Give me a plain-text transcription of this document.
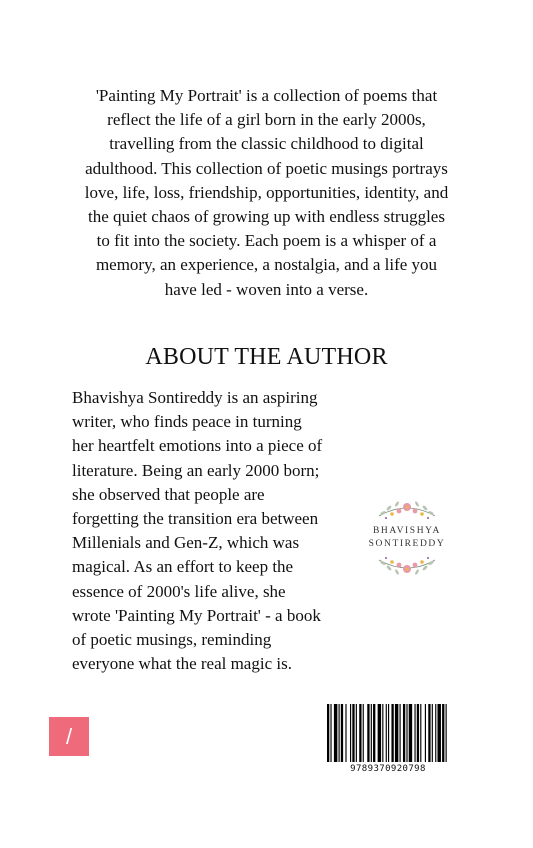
'Painting My Portrait' is a collection of poems that
reflect the life of a girl born in the early 2000s,
travelling from the classic childhood to digital
adulthood. This collection of poetic musings portrays
love, life, loss, friendship, opportunities, identity, and
the quiet chaos of growing up with endless struggles
to fit into the society. Each poem is a whisper of a
memory, an experience, a nostalgia, and a life you
have led - woven into a verse.
ABOUT THE AUTHOR
Bhavishya Sontireddy is an aspiring
writer, who finds peace in turning
her heartfelt emotions into a piece of
literature. Being an early 2000 born;
she observed that people are
forgetting the transition era between
Millenials and Gen-Z, which was
magical. As an effort to keep the
essence of 2000's life alive, she
wrote 'Painting My Portrait' - a book
of poetic musings, reminding
everyone what the real magic is.
BHAVISHYA
SONTIREDDY
/
9789370920798
